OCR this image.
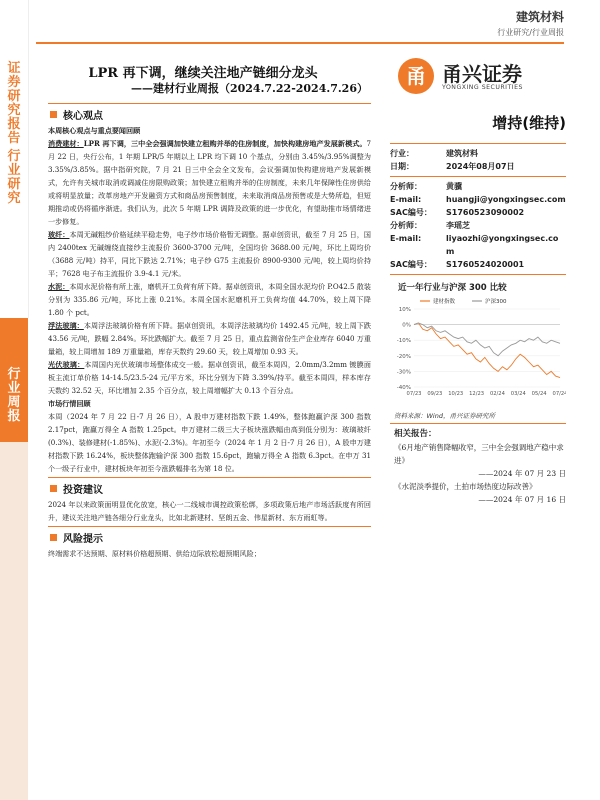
证券研究报告
行业研究
行业周报
建筑材料
行业研究/行业周报
LPR 再下调，继续关注地产链细分龙头
——建材行业周报（2024.7.22-2024.7.26）
核心观点

本周核心观点与重点要闻回顾

消费建材：LPR 再下调，三中全会强调加快建立租购并举的住房制度，加快构建房地产发展新模式。7 月 22 日，央行公布，1 年期 LPR/5 年期以上 LPR 均下调 10 个基点，分别由 3.45%/3.95%调整为 3.35%/3.85%。据中指研究院，7 月 21 日三中全会全文发布，会议强调加快构建房地产发展新模式，允许有关城市取消或调减住房限购政策；加快建立租购并举的住房制度，未来几年保障性住房供给或将明显放量；改革房地产开发融资方式和商品房预售制度，未来取消商品房预售或是大势所趋，但短期推动或仍将循序渐进。我们认为，此次 5 年期 LPR 调降及政策的进一步优化，有望助推市场情绪进一步修复。

玻纤：本周无碱粗纱价格延续平稳走势，电子纱市场价格暂无调整。据卓创资讯，截至 7 月 25 日，国内 2400tex 无碱缠绕直接纱主流报价 3600-3700 元/吨，全国均价 3688.00 元/吨，环比上周均价（3688 元/吨）持平，同比下跌达 2.71%；电子纱 G75 主流报价 8900-9300 元/吨，较上周均价持平；7628 电子布主流报价 3.9-4.1 元/米。

水泥：本周水泥价格有所上涨，磨机开工负荷有所下降。据卓创资讯，本周全国水泥均价 P.O42.5 散装分别为 335.86 元/吨，环比上涨 0.21%。本周全国水泥磨机开工负荷均值 44.70%，较上周下降 1.80 个 pct。

浮法玻璃：本周浮法玻璃价格有所下降。据卓创资讯，本周浮法玻璃均价 1492.45 元/吨，较上周下跌 43.56 元/吨，跌幅 2.84%。环比跌幅扩大。截至 7 月 25 日，重点监测省份生产企业库存 6040 万重量箱，较上周增加 189 万重量箱，库存天数约 29.60 天，较上周增加 0.93 天。

光伏玻璃：本周国内光伏玻璃市场整体成交一般。据卓创资讯，截至本周四，2.0mm/3.2mm 镀膜面板主流订单价格 14-14.5/23.5-24 元/平方米，环比分别为下降 3.39%/持平。截至本周四，样本库存天数约 32.52 天，环比增加 2.35 个百分点，较上周增幅扩大 0.13 个百分点。

市场行情回顾

本周（2024 年 7 月 22 日-7 月 26 日），A 股申万建材指数下跌 1.49%，整体跑赢沪深 300 指数 2.17pct，跑赢万得全 A 指数 1.25pct。申万建材二级三大子板块涨跌幅由高到低分别为：玻璃玻纤(0.3%)、装修建材(-1.85%)、水泥(-2.3%)。年初至今（2024 年 1 月 2 日-7 月 26 日），A 股申万建材指数下跌 16.24%，板块整体跑输沪深 300 指数 15.6pct，跑输万得全 A 指数 6.3pct。在申万 31 个一级子行业中，建材板块年初至今涨跌幅排名为第 18 位。

投资建议

2024 年以来政策面明显优化放宽，核心一二线城市调控政策松绑，多项政策后地产市场活跃度有所回升，建议关注地产链各细分行业龙头，比如北新建材、坚朗五金、伟星新材、东方雨虹等。

风险提示

终端需求不达预期、原材料价格超预期、供给边际放松超预期风险；

甬 甬兴证券
YONGXING SECURITIES
增持(维持)
行业：	建筑材料
日期：	2024年08月07日
分析师：	黄骥
E-mail:	huangji@yongxingsec.com
SAC编号：	S1760523090002
分析师：	李瑶芝
E-mail:	liyaozhi@yongxingsec.com
SAC编号：	S1760524020001
近一年行业与沪深 300 比较
10%
0%
-10%
-20%
-30%
-40%
07/23 09/23 10/23 12/23 02/24 03/24 05/24 07/24
建材指数	沪深300
资料来源：Wind，甬兴证券研究所
相关报告：
《6月地产销售降幅收窄，三中全会强调地产稳中求进》
——2024 年 07 月 23 日
《水泥淡季提价，土拍市场热度边际改善》
——2024 年 07 月 16 日
